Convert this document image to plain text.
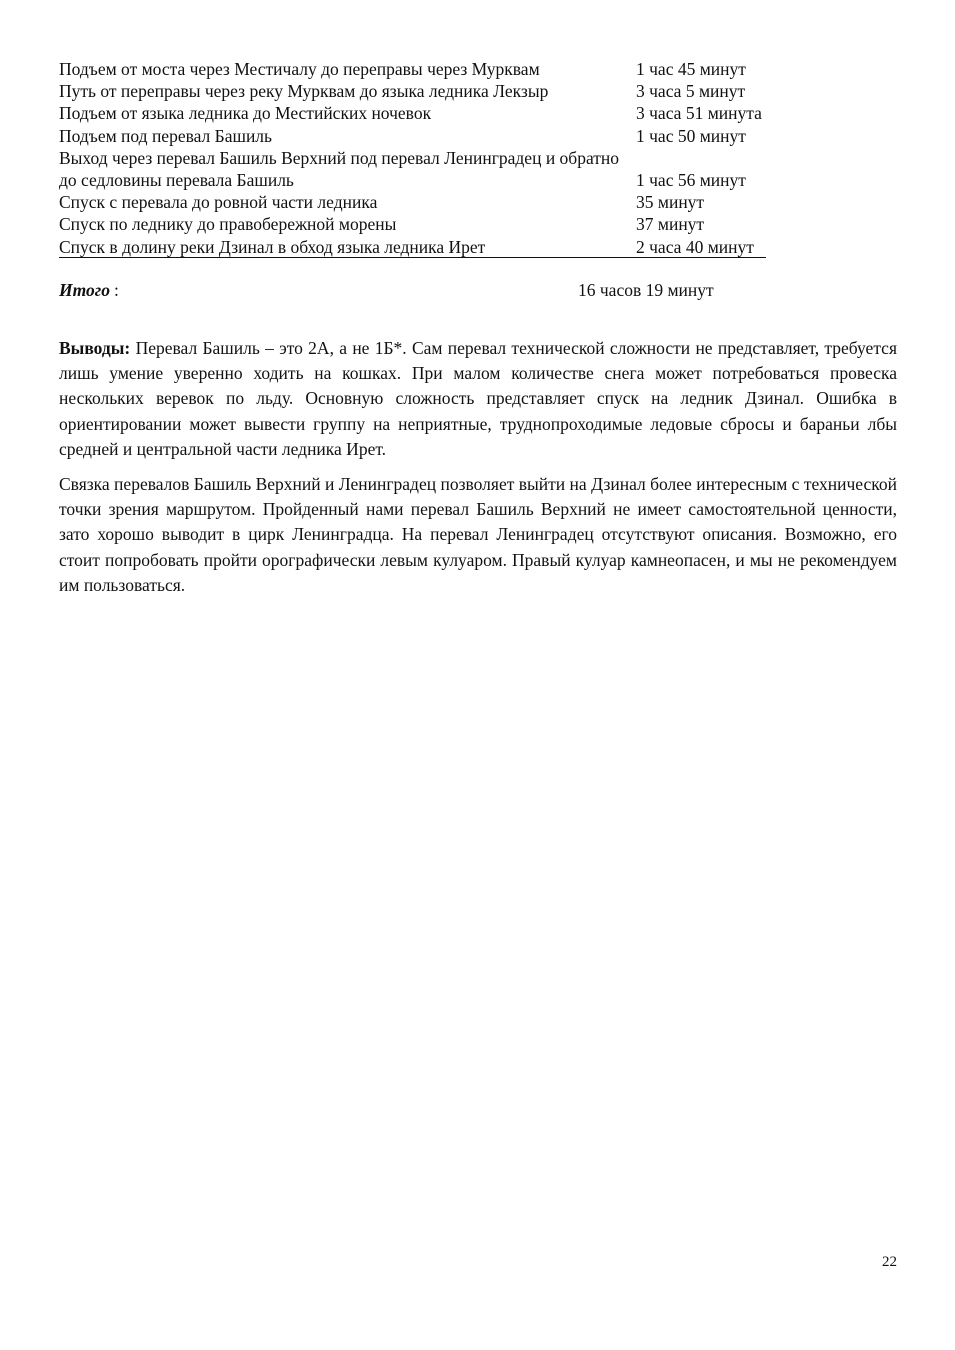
Подъем от моста через Местичалу до переправы через Мурквам	1 час 45 минут
Путь от переправы через реку Мурквам до языка ледника Лекзыр	3 часа 5 минут
Подъем от языка ледника до Местийских ночевок	3 часа 51 минута
Подъем под перевал Башиль	1 час 50 минут
Выход через перевал Башиль Верхний под перевал Ленинградец и обратно
до седловины перевала Башиль	1 час 56 минут
Спуск с перевала до ровной части ледника	35 минут
Спуск по леднику до правобережной морены	37 минут
Спуск в долину реки Дзинал в обход языка ледника Ирет	2 часа 40 минут
Итого :	16 часов 19 минут

Выводы: Перевал Башиль – это 2А, а не 1Б*. Сам перевал технической сложности не представляет, требуется лишь умение уверенно ходить на кошках. При малом количестве снега может потребоваться провеска нескольких веревок по льду. Основную сложность представляет спуск на ледник Дзинал. Ошибка в ориентировании может вывести группу на неприятные, труднопроходимые ледовые сбросы и бараньи лбы средней и центральной части ледника Ирет.

Связка перевалов Башиль Верхний и Ленинградец позволяет выйти на Дзинал более интересным с технической точки зрения маршрутом. Пройденный нами перевал Башиль Верхний не имеет самостоятельной ценности, зато хорошо выводит в цирк Ленинградца. На перевал Ленинградец отсутствуют описания. Возможно, его стоит попробовать пройти орографически левым кулуаром. Правый кулуар камнеопасен, и мы не рекомендуем им пользоваться.

22
